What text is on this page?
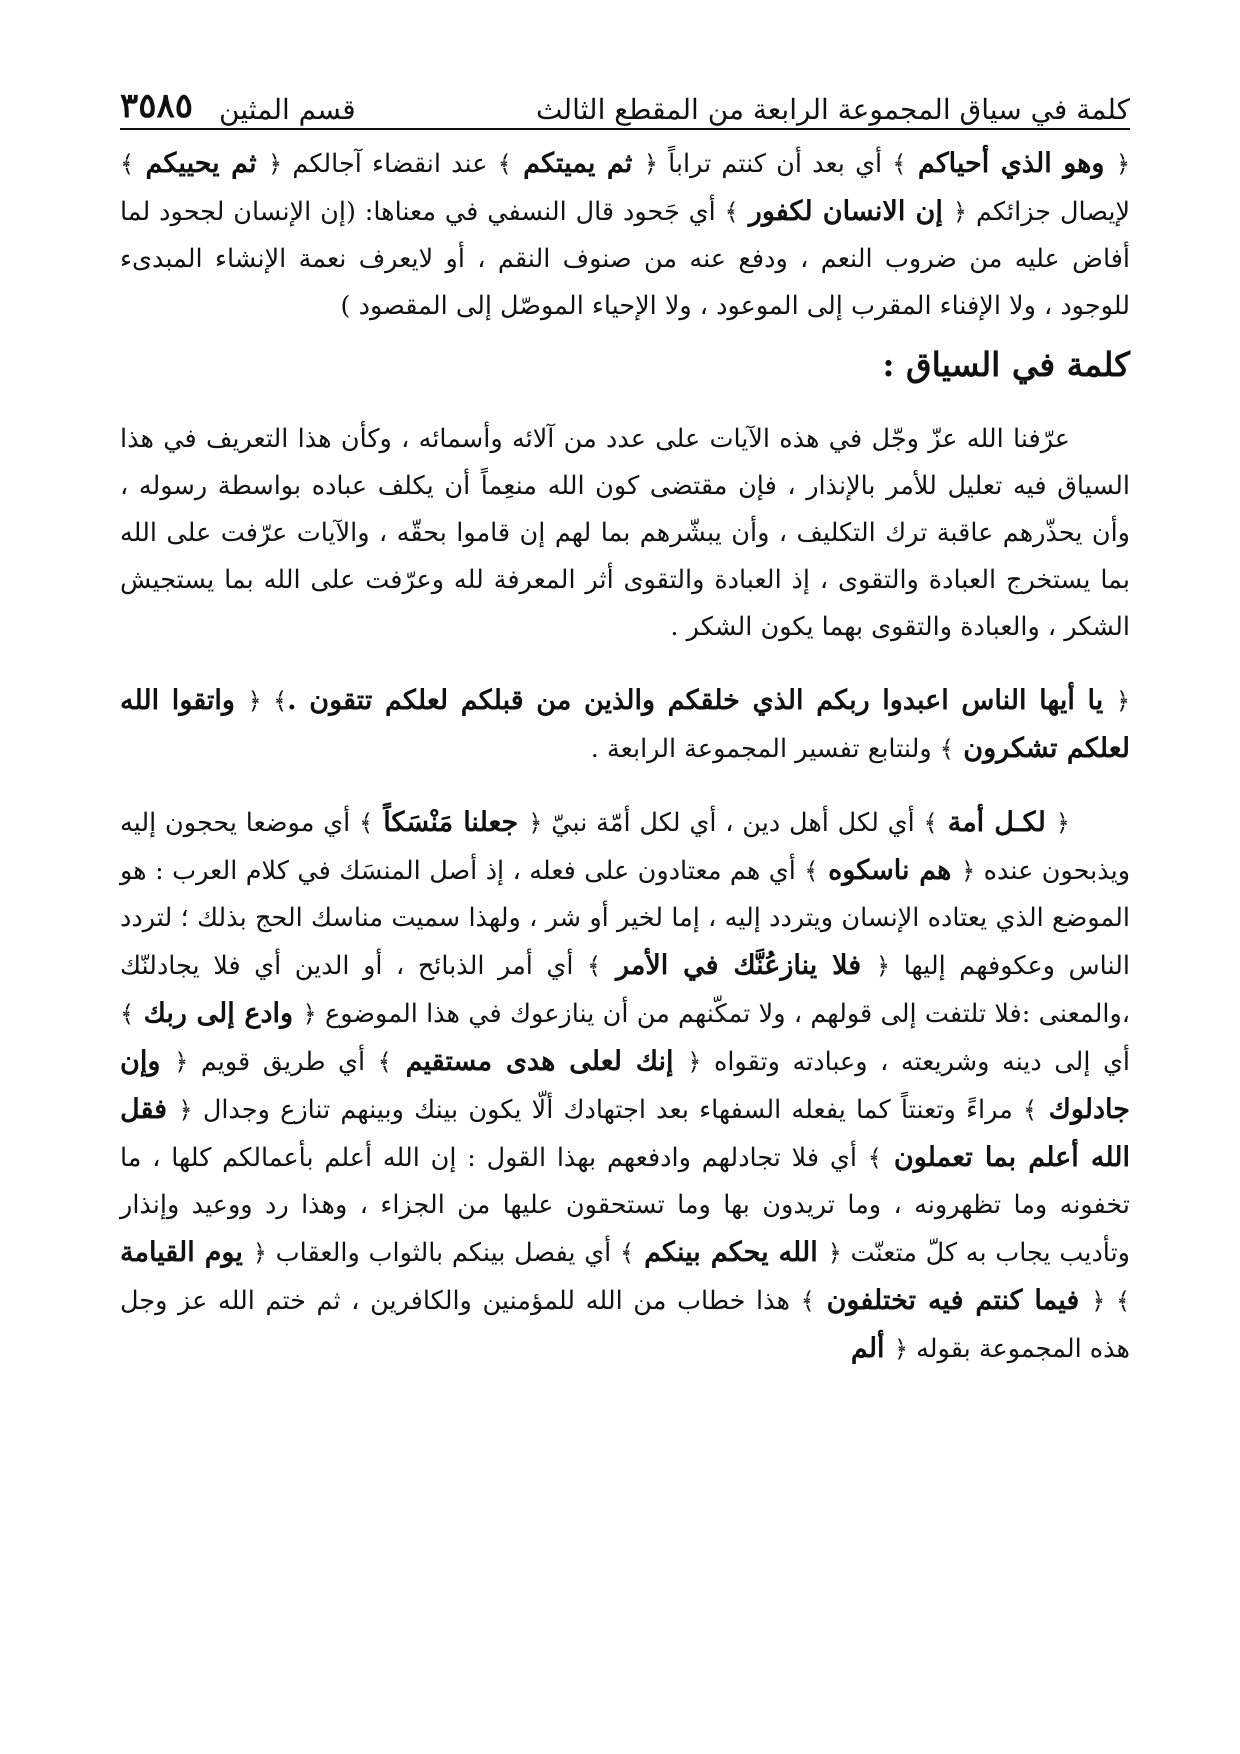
كلمة في سياق المجموعة الرابعة من المقطع الثالث
قسم المثين
٣٥٨٥

﴿ وهو الذي أحياكم ﴾ أي بعد أن كنتم تراباً ﴿ ثم يميتكم ﴾ عند انقضاء آجالكم ﴿ ثم يحييكم ﴾ لإيصال جزائكم ﴿ إن الانسان لكفور ﴾ أي جَحود قال النسفي في معناها: (إن الإنسان لجحود لما أفاض عليه من ضروب النعم ، ودفع عنه من صنوف النقم ، أو لايعرف نعمة الإنشاء المبدىء للوجود ، ولا الإفناء المقرب إلى الموعود ، ولا الإحياء الموصّل إلى المقصود )

كلمة في السياق :

عرّفنا الله عزّ وجّل في هذه الآيات على عدد من آلائه وأسمائه ، وكأن هذا التعريف في هذا السياق فيه تعليل للأمر بالإنذار ، فإن مقتضى كون الله منعِماً أن يكلف عباده بواسطة رسوله ، وأن يحذّرهم عاقبة ترك التكليف ، وأن يبشّرهم بما لهم إن قاموا بحقّه ، والآيات عرّفت على الله بما يستخرج العبادة والتقوى ، إذ العبادة والتقوى أثر المعرفة لله وعرّفت على الله بما يستجيش الشكر ، والعبادة والتقوى بهما يكون الشكر .

﴿ يا أيها الناس اعبدوا ربكم الذي خلقكم والذين من قبلكم لعلكم تتقون .﴾ ﴿ واتقوا الله لعلكم تشكرون ﴾ ولنتابع تفسير المجموعة الرابعة .

﴿ لكـل أمة ﴾ أي لكل أهل دين ، أي لكل أمّة نبيّ ﴿ جعلنا مَنْسَكاً ﴾ أي موضعا يحجون إليه ويذبحون عنده ﴿ هم ناسكوه ﴾ أي هم معتادون على فعله ، إذ أصل المنسَك في كلام العرب : هو الموضع الذي يعتاده الإنسان ويتردد إليه ، إما لخير أو شر ، ولهذا سميت مناسك الحج بذلك ؛ لتردد الناس وعكوفهم إليها ﴿ فلا ينازعُنَّك في الأمر ﴾ أي أمر الذبائح ، أو الدين أي فلا يجادلنّك ،والمعنى :فلا تلتفت إلى قولهم ، ولا تمكّنهم من أن ينازعوك في هذا الموضوع ﴿ وادع إلى ربك ﴾ أي إلى دينه وشريعته ، وعبادته وتقواه ﴿ إنك لعلى هدى مستقيم ﴾ أي طريق قويم ﴿ وإن جادلوك ﴾ مراءً وتعنتاً كما يفعله السفهاء بعد اجتهادك ألّا يكون بينك وبينهم تنازع وجدال ﴿ فقل الله أعلم بما تعملون ﴾ أي فلا تجادلهم وادفعهم بهذا القول : إن الله أعلم بأعمالكم كلها ، ما تخفونه وما تظهرونه ، وما تريدون بها وما تستحقون عليها من الجزاء ، وهذا رد ووعيد وإنذار وتأديب يجاب به كلّ متعنّت ﴿ الله يحكم بينكم ﴾ أي يفصل بينكم بالثواب والعقاب ﴿ يوم القيامة ﴾ ﴿ فيما كنتم فيه تختلفون ﴾ هذا خطاب من الله للمؤمنين والكافرين ، ثم ختم الله عز وجل هذه المجموعة بقوله ﴿ ألم
